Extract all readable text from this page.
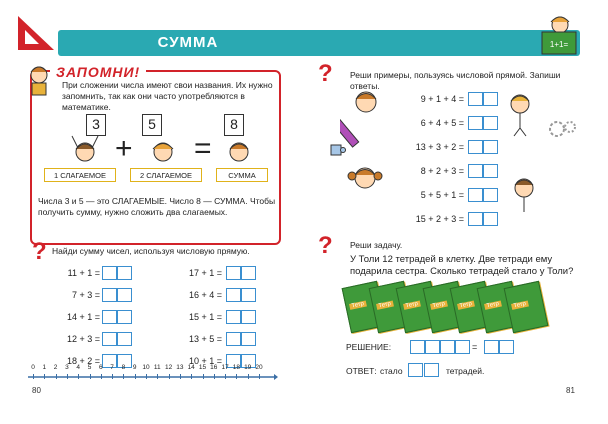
СУММА	1+1=
ЗАПОМНИ!
При сложении числа имеют свои названия. Их нужно запомнить, так как они часто употребляются в математике.
3
+
5
=
8
1 СЛАГАЕМОЕ	2 СЛАГАЕМОЕ	СУММА
Числа 3 и 5 — это СЛАГАЕМЫЕ. Число 8 — СУММА. Чтобы получить сумму, нужно сложить два слагаемых.
? Найди сумму чисел, используя числовую прямую.
11 + 1 =	17 + 1 =
7 + 3 =	16 + 4 =
14 + 1 =	15 + 1 =
12 + 3 =	13 + 5 =
18 + 2 =	10 + 1 =
0	1	2	3	4	5	6	7	8	9 10 11 12 13 14 15 16 17 18 19 20
80
? Реши примеры, пользуясь числовой прямой. Запиши ответы.
9 + 1 + 4 =
6 + 4 + 5 =
13 + 3 + 2 =
8 + 2 + 3 =
5 + 5 + 1 =
15 + 2 + 3 =
? Реши задачу.
У Толи 12 тетрадей в клетку. Две тетради ему подарила сестра. Сколько тетрадей стало у Толи?
Тетр	Тетр	Тетр	Тетр	Тетр	Тетр	Тетр
РЕШЕНИЕ:	=
ОТВЕТ: стало	тетрадей.
81
